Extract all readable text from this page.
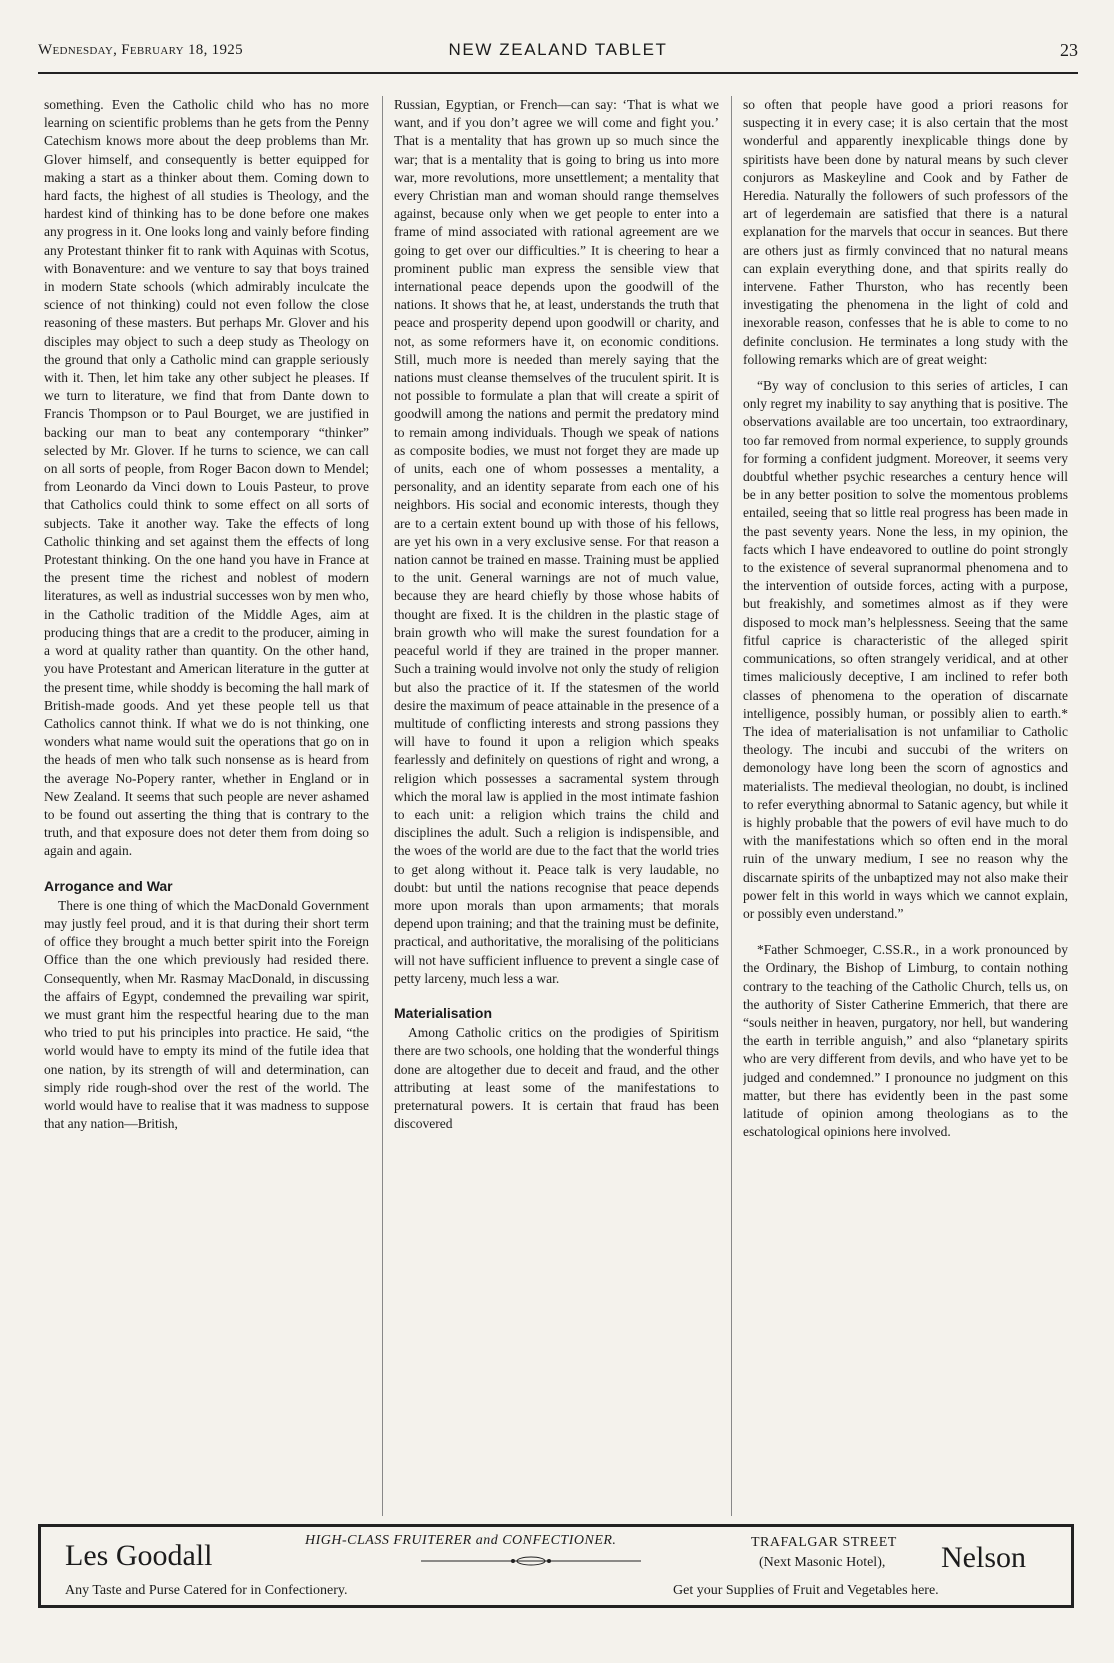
Wednesday, February 18, 1925	NEW ZEALAND TABLET	23

something. Even the Catholic child who has no more learning on scientific problems than he gets from the Penny Catechism knows more about the deep problems than Mr. Glover himself, and consequently is better equipped for making a start as a thinker about them. Coming down to hard facts, the highest of all studies is Theology, and the hardest kind of thinking has to be done before one makes any progress in it. One looks long and vainly before finding any Protestant thinker fit to rank with Aquinas with Scotus, with Bonaventure: and we venture to say that boys trained in modern State schools (which admirably inculcate the science of not thinking) could not even follow the close reasoning of these masters. But perhaps Mr. Glover and his disciples may object to such a deep study as Theology on the ground that only a Catholic mind can grapple seriously with it. Then, let him take any other subject he pleases. If we turn to literature, we find that from Dante down to Francis Thompson or to Paul Bourget, we are justified in backing our man to beat any contemporary “thinker” selected by Mr. Glover. If he turns to science, we can call on all sorts of people, from Roger Bacon down to Mendel; from Leonardo da Vinci down to Louis Pasteur, to prove that Catholics could think to some effect on all sorts of subjects. Take it another way. Take the effects of long Catholic thinking and set against them the effects of long Protestant thinking. On the one hand you have in France at the present time the richest and noblest of modern literatures, as well as industrial successes won by men who, in the Catholic tradition of the Middle Ages, aim at producing things that are a credit to the producer, aiming in a word at quality rather than quantity. On the other hand, you have Protestant and American literature in the gutter at the present time, while shoddy is becoming the hall mark of British-made goods. And yet these people tell us that Catholics cannot think. If what we do is not thinking, one wonders what name would suit the operations that go on in the heads of men who talk such nonsense as is heard from the average No-Popery ranter, whether in England or in New Zealand. It seems that such people are never ashamed to be found out asserting the thing that is contrary to the truth, and that exposure does not deter them from doing so again and again.

Arrogance and War

There is one thing of which the MacDonald Government may justly feel proud, and it is that during their short term of office they brought a much better spirit into the Foreign Office than the one which previously had resided there. Consequently, when Mr. Rasmay MacDonald, in discussing the affairs of Egypt, condemned the prevailing war spirit, we must grant him the respectful hearing due to the man who tried to put his principles into practice. He said, “the world would have to empty its mind of the futile idea that one nation, by its strength of will and determination, can simply ride rough-shod over the rest of the world. The world would have to realise that it was madness to suppose that any nation—British,

Russian, Egyptian, or French—can say: ‘That is what we want, and if you don’t agree we will come and fight you.’ That is a mentality that has grown up so much since the war; that is a mentality that is going to bring us into more war, more revolutions, more unsettlement; a mentality that every Christian man and woman should range themselves against, because only when we get people to enter into a frame of mind associated with rational agreement are we going to get over our difficulties.” It is cheering to hear a prominent public man express the sensible view that international peace depends upon the goodwill of the nations. It shows that he, at least, understands the truth that peace and prosperity depend upon goodwill or charity, and not, as some reformers have it, on economic conditions. Still, much more is needed than merely saying that the nations must cleanse themselves of the truculent spirit. It is not possible to formulate a plan that will create a spirit of goodwill among the nations and permit the predatory mind to remain among individuals. Though we speak of nations as composite bodies, we must not forget they are made up of units, each one of whom possesses a mentality, a personality, and an identity separate from each one of his neighbors. His social and economic interests, though they are to a certain extent bound up with those of his fellows, are yet his own in a very exclusive sense. For that reason a nation cannot be trained en masse. Training must be applied to the unit. General warnings are not of much value, because they are heard chiefly by those whose habits of thought are fixed. It is the children in the plastic stage of brain growth who will make the surest foundation for a peaceful world if they are trained in the proper manner. Such a training would involve not only the study of religion but also the practice of it. If the statesmen of the world desire the maximum of peace attainable in the presence of a multitude of conflicting interests and strong passions they will have to found it upon a religion which speaks fearlessly and definitely on questions of right and wrong, a religion which possesses a sacramental system through which the moral law is applied in the most intimate fashion to each unit: a religion which trains the child and disciplines the adult. Such a religion is indispensible, and the woes of the world are due to the fact that the world tries to get along without it. Peace talk is very laudable, no doubt: but until the nations recognise that peace depends more upon morals than upon armaments; that morals depend upon training; and that the training must be definite, practical, and authoritative, the moralising of the politicians will not have sufficient influence to prevent a single case of petty larceny, much less a war.

Materialisation

Among Catholic critics on the prodigies of Spiritism there are two schools, one holding that the wonderful things done are altogether due to deceit and fraud, and the other attributing at least some of the manifestations to preternatural powers. It is certain that fraud has been discovered

so often that people have good a priori reasons for suspecting it in every case; it is also certain that the most wonderful and apparently inexplicable things done by spiritists have been done by natural means by such clever conjurors as Maskeyline and Cook and by Father de Heredia. Naturally the followers of such professors of the art of legerdemain are satisfied that there is a natural explanation for the marvels that occur in seances. But there are others just as firmly convinced that no natural means can explain everything done, and that spirits really do intervene. Father Thurston, who has recently been investigating the phenomena in the light of cold and inexorable reason, confesses that he is able to come to no definite conclusion. He terminates a long study with the following remarks which are of great weight:

“By way of conclusion to this series of articles, I can only regret my inability to say anything that is positive. The observations available are too uncertain, too extraordinary, too far removed from normal experience, to supply grounds for forming a confident judgment. Moreover, it seems very doubtful whether psychic researches a century hence will be in any better position to solve the momentous problems entailed, seeing that so little real progress has been made in the past seventy years. None the less, in my opinion, the facts which I have endeavored to outline do point strongly to the existence of several supranormal phenomena and to the intervention of outside forces, acting with a purpose, but freakishly, and sometimes almost as if they were disposed to mock man’s helplessness. Seeing that the same fitful caprice is characteristic of the alleged spirit communications, so often strangely veridical, and at other times maliciously deceptive, I am inclined to refer both classes of phenomena to the operation of discarnate intelligence, possibly human, or possibly alien to earth.* The idea of materialisation is not unfamiliar to Catholic theology. The incubi and succubi of the writers on demonology have long been the scorn of agnostics and materialists. The medieval theologian, no doubt, is inclined to refer everything abnormal to Satanic agency, but while it is highly probable that the powers of evil have much to do with the manifestations which so often end in the moral ruin of the unwary medium, I see no reason why the discarnate spirits of the unbaptized may not also make their power felt in this world in ways which we cannot explain, or possibly even understand.”

*Father Schmoeger, C.SS.R., in a work pronounced by the Ordinary, the Bishop of Limburg, to contain nothing contrary to the teaching of the Catholic Church, tells us, on the authority of Sister Catherine Emmerich, that there are “souls neither in heaven, purgatory, nor hell, but wandering the earth in terrible anguish,” and also “planetary spirits who are very different from devils, and who have yet to be judged and condemned.” I pronounce no judgment on this matter, but there has evidently been in the past some latitude of opinion among theologians as to the eschatological opinions here involved.

Les Goodall	HIGH-CLASS FRUITERER and CONFECTIONER.
Any Taste and Purse Catered for in Confectionery.
TRAFALGAR STREET
(Next Masonic Hotel), Nelson
Get your Supplies of Fruit and Vegetables here.
